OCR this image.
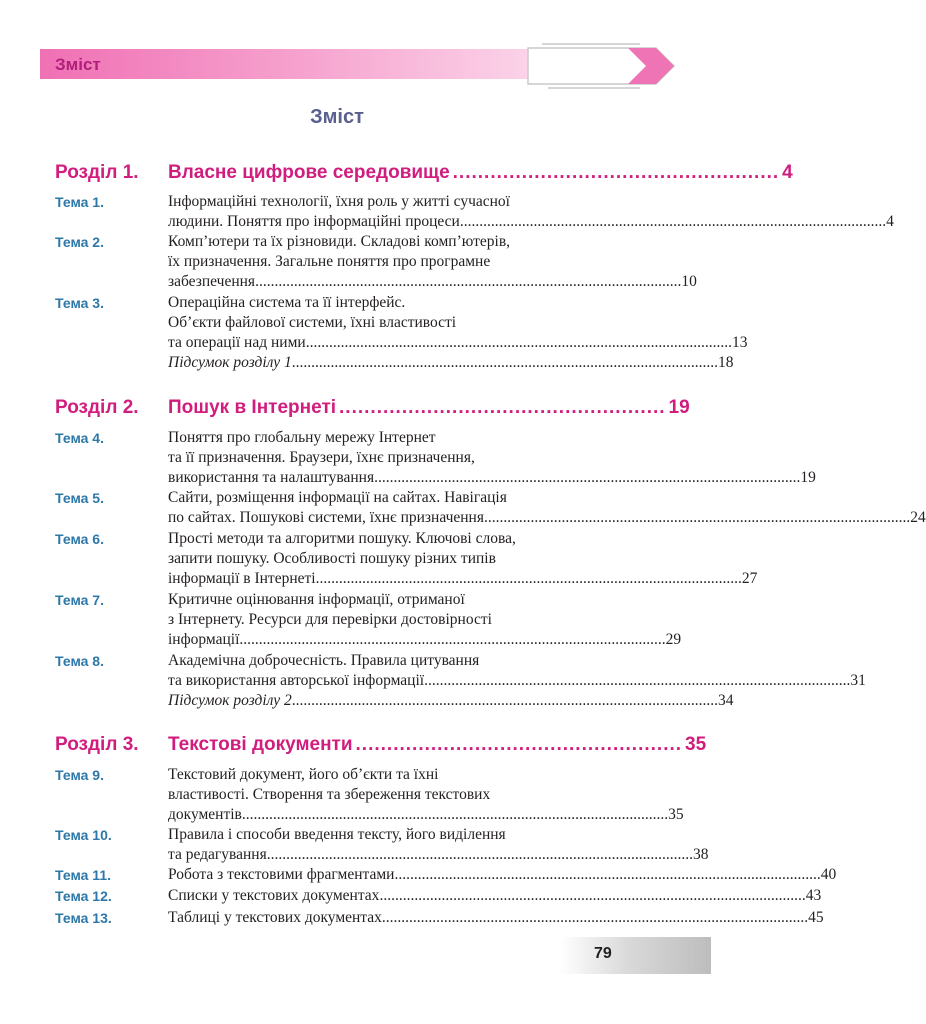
Зміст
Зміст
Розділ 1. Власне цифрове середовище .................................................... 4
Тема 1.	Інформаційні технології, їхня роль у житті сучасної
людини. Поняття про інформаційні процеси .............................................................................................................. 4
Тема 2.	Комп’ютери та їх різновиди. Складові комп’ютерів,
їх призначення. Загальне поняття про програмне
забезпечення .............................................................................................................. 10
Тема 3.	Операційна система та її інтерфейс.
Об’єкти файлової системи, їхні властивості
та операції над ними .............................................................................................................. 13
Підсумок розділу 1 .............................................................................................................. 18
Розділ 2. Пошук в Інтернеті .................................................... 19
Тема 4.	Поняття про глобальну мережу Інтернет
та її призначення. Браузери, їхнє призначення,
використання та налаштування .............................................................................................................. 19
Тема 5.	Сайти, розміщення інформації на сайтах. Навігація
по сайтах. Пошукові системи, їхнє призначення .............................................................................................................. 24
Тема 6.	Прості методи та алгоритми пошуку. Ключові слова,
запити пошуку. Особливості пошуку різних типів
інформації в Інтернеті .............................................................................................................. 27
Тема 7.	Критичне оцінювання інформації, отриманої
з Інтернету. Ресурси для перевірки достовірності
інформації .............................................................................................................. 29
Тема 8.	Академічна доброчесність. Правила цитування
та використання авторської інформації .............................................................................................................. 31
Підсумок розділу 2 .............................................................................................................. 34
Розділ 3. Текстові документи .................................................... 35
Тема 9.	Текстовий документ, його об’єкти та їхні
властивості. Створення та збереження текстових
документів .............................................................................................................. 35
Тема 10.	Правила і способи введення тексту, його виділення
та редагування .............................................................................................................. 38
Тема 11.	Робота з текстовими фрагментами .............................................................................................................. 40
Тема 12.	Списки у текстових документах .............................................................................................................. 43
Тема 13.	Таблиці у текстових документах .............................................................................................................. 45
79
